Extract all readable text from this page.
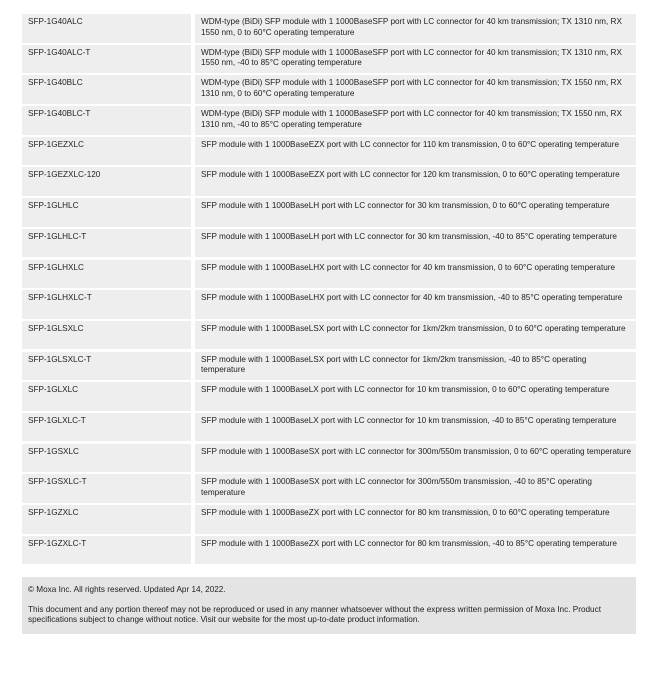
SFP-1G40ALC	WDM-type (BiDi) SFP module with 1 1000BaseSFP port with LC connector for 40 km transmission; TX 1310 nm, RX 1550 nm, 0 to 60°C operating temperature
SFP-1G40ALC-T	WDM-type (BiDi) SFP module with 1 1000BaseSFP port with LC connector for 40 km transmission; TX 1310 nm, RX 1550 nm, -40 to 85°C operating temperature
SFP-1G40BLC	WDM-type (BiDi) SFP module with 1 1000BaseSFP port with LC connector for 40 km transmission; TX 1550 nm, RX 1310 nm, 0 to 60°C operating temperature
SFP-1G40BLC-T	WDM-type (BiDi) SFP module with 1 1000BaseSFP port with LC connector for 40 km transmission; TX 1550 nm, RX 1310 nm, -40 to 85°C operating temperature
SFP-1GEZXLC	SFP module with 1 1000BaseEZX port with LC connector for 110 km transmission, 0 to 60°C operating temperature
SFP-1GEZXLC-120	SFP module with 1 1000BaseEZX port with LC connector for 120 km transmission, 0 to 60°C operating temperature
SFP-1GLHLC	SFP module with 1 1000BaseLH port with LC connector for 30 km transmission, 0 to 60°C operating temperature
SFP-1GLHLC-T	SFP module with 1 1000BaseLH port with LC connector for 30 km transmission, -40 to 85°C operating temperature
SFP-1GLHXLC	SFP module with 1 1000BaseLHX port with LC connector for 40 km transmission, 0 to 60°C operating temperature
SFP-1GLHXLC-T	SFP module with 1 1000BaseLHX port with LC connector for 40 km transmission, -40 to 85°C operating temperature
SFP-1GLSXLC	SFP module with 1 1000BaseLSX port with LC connector for 1km/2km transmission, 0 to 60°C operating temperature
SFP-1GLSXLC-T	SFP module with 1 1000BaseLSX port with LC connector for 1km/2km transmission, -40 to 85°C operating temperature
SFP-1GLXLC	SFP module with 1 1000BaseLX port with LC connector for 10 km transmission, 0 to 60°C operating temperature
SFP-1GLXLC-T	SFP module with 1 1000BaseLX port with LC connector for 10 km transmission, -40 to 85°C operating temperature
SFP-1GSXLC	SFP module with 1 1000BaseSX port with LC connector for 300m/550m transmission, 0 to 60°C operating temperature
SFP-1GSXLC-T	SFP module with 1 1000BaseSX port with LC connector for 300m/550m transmission, -40 to 85°C operating temperature
SFP-1GZXLC	SFP module with 1 1000BaseZX port with LC connector for 80 km transmission, 0 to 60°C operating temperature
SFP-1GZXLC-T	SFP module with 1 1000BaseZX port with LC connector for 80 km transmission, -40 to 85°C operating temperature
© Moxa Inc. All rights reserved. Updated Apr 14, 2022.
This document and any portion thereof may not be reproduced or used in any manner whatsoever without the express written permission of Moxa Inc. Product specifications subject to change without notice. Visit our website for the most up-to-date product information.
